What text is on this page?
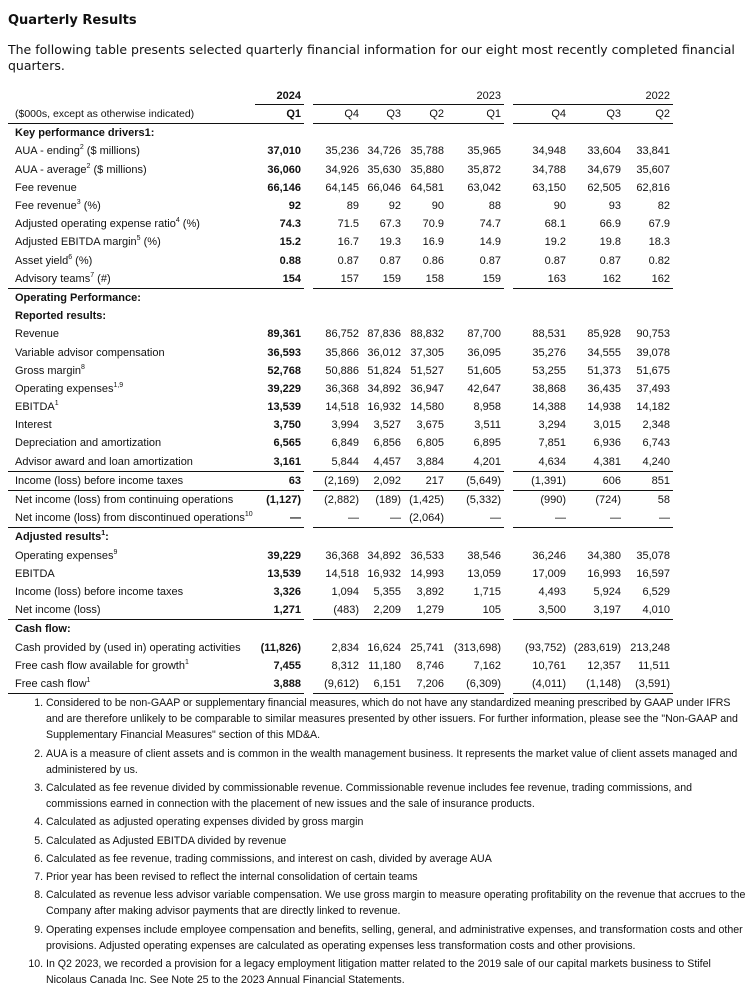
Quarterly Results

The following table presents selected quarterly financial information for our eight most recently completed financial quarters.

	2024					2023				2022
($000s, except as otherwise indicated)	Q1		Q4	Q3	Q2	Q1		Q4	Q3	Q2
Key performance drivers1:										
AUA - ending$^2$ ($ millions)	37,010		35,236	34,726	35,788	35,965		34,948	33,604	33,841
AUA - average$^2$ ($ millions)	36,060		34,926	35,630	35,880	35,872		34,788	34,679	35,607
Fee revenue	66,146		64,145	66,046	64,581	63,042		63,150	62,505	62,816
Fee revenue$^3$ (%)	92		89	92	90	88		90	93	82
Adjusted operating expense ratio$^4$ (%)	74.3		71.5	67.3	70.9	74.7		68.1	66.9	67.9
Adjusted EBITDA margin$^5$ (%)	15.2		16.7	19.3	16.9	14.9		19.2	19.8	18.3
Asset yield$^6$ (%)	0.88		0.87	0.87	0.86	0.87		0.87	0.87	0.82
Advisory teams$^7$ (#)	154		157	159	158	159		163	162	162
Operating Performance:										
Reported results:										
Revenue	89,361		86,752	87,836	88,832	87,700		88,531	85,928	90,753
Variable advisor compensation	36,593		35,866	36,012	37,305	36,095		35,276	34,555	39,078
Gross margin$^8$	52,768		50,886	51,824	51,527	51,605		53,255	51,373	51,675
Operating expenses$^{1,9}$	39,229		36,368	34,892	36,947	42,647		38,868	36,435	37,493
EBITDA$^1$	13,539		14,518	16,932	14,580	8,958		14,388	14,938	14,182
Interest	3,750		3,994	3,527	3,675	3,511		3,294	3,015	2,348
Depreciation and amortization	6,565		6,849	6,856	6,805	6,895		7,851	6,936	6,743
Advisor award and loan amortization	3,161		5,844	4,457	3,884	4,201		4,634	4,381	4,240
Income (loss) before income taxes	63		(2,169)	2,092	217	(5,649)		(1,391)	606	851
Net income (loss) from continuing operations	(1,127)		(2,882)	(189)	(1,425)	(5,332)		(990)	(724)	58
Net income (loss) from discontinued operations$^{10}$	—		—	—	(2,064)	—		—	—	—
Adjusted results$^1$:										
Operating expenses$^9$	39,229		36,368	34,892	36,533	38,546		36,246	34,380	35,078
EBITDA	13,539		14,518	16,932	14,993	13,059		17,009	16,993	16,597
Income (loss) before income taxes	3,326		1,094	5,355	3,892	1,715		4,493	5,924	6,529
Net income (loss)	1,271		(483)	2,209	1,279	105		3,500	3,197	4,010
Cash flow:										
Cash provided by (used in) operating activities	(11,826)		2,834	16,624	25,741	(313,698)		(93,752)	(283,619)	213,248
Free cash flow available for growth$^1$	7,455		8,312	11,180	8,746	7,162		10,761	12,357	11,511
Free cash flow$^1$	3,888		(9,612)	6,151	7,206	(6,309)		(4,011)	(1,148)	(3,591)
1. Considered to be non-GAAP or supplementary financial measures, which do not have any standardized meaning prescribed by GAAP under IFRS and are therefore unlikely to be comparable to similar measures presented by other issuers. For further information, please see the "Non-GAAP and Supplementary Financial Measures" section of this MD&A.
2. AUA is a measure of client assets and is common in the wealth management business. It represents the market value of client assets managed and administered by us.
3. Calculated as fee revenue divided by commissionable revenue. Commissionable revenue includes fee revenue, trading commissions, and commissions earned in connection with the placement of new issues and the sale of insurance products.
4. Calculated as adjusted operating expenses divided by gross margin
5. Calculated as Adjusted EBITDA divided by revenue
6. Calculated as fee revenue, trading commissions, and interest on cash, divided by average AUA
7. Prior year has been revised to reflect the internal consolidation of certain teams
8. Calculated as revenue less advisor variable compensation. We use gross margin to measure operating profitability on the revenue that accrues to the Company after making advisor payments that are directly linked to revenue.
9. Operating expenses include employee compensation and benefits, selling, general, and administrative expenses, and transformation costs and other provisions. Adjusted operating expenses are calculated as operating expenses less transformation costs and other provisions.
10. In Q2 2023, we recorded a provision for a legacy employment litigation matter related to the 2019 sale of our capital markets business to Stifel Nicolaus Canada Inc. See Note 25 to the 2023 Annual Financial Statements.
